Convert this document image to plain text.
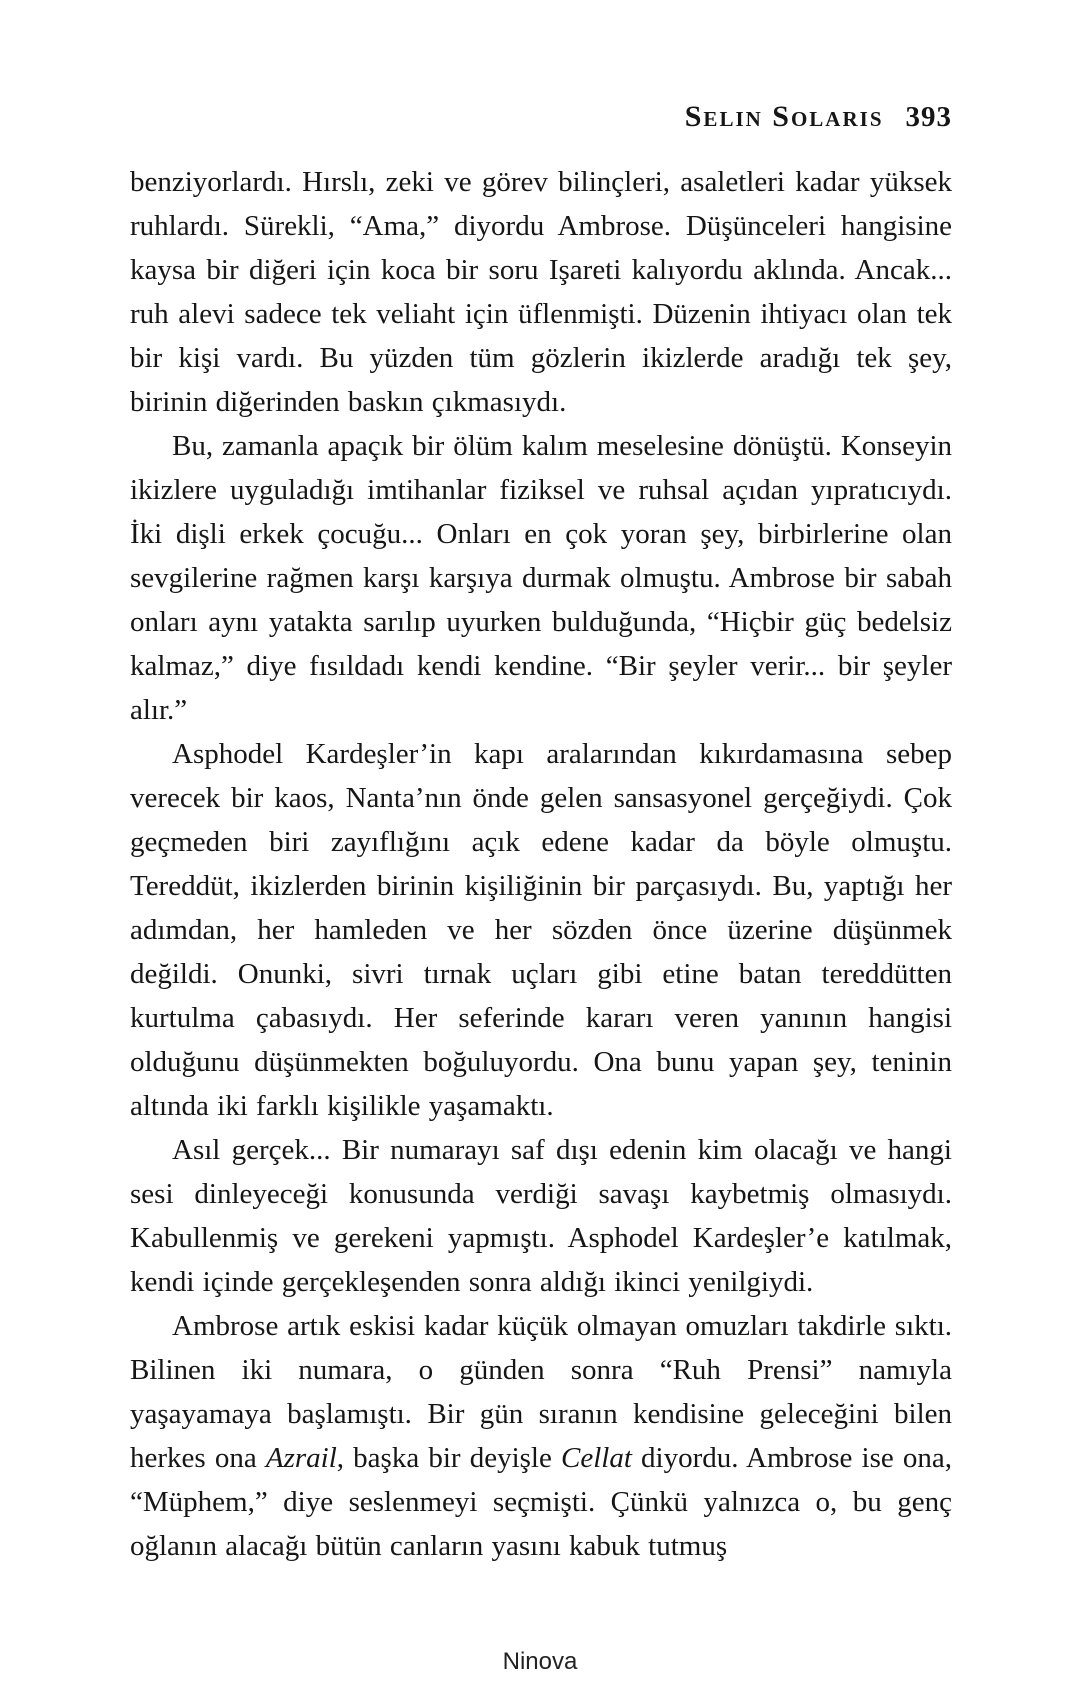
Selin Solaris 393

benziyorlardı. Hırslı, zeki ve görev bilinçleri, asaletleri kadar yüksek ruhlardı. Sürekli, “Ama,” diyordu Ambrose. Düşünceleri hangisine kaysa bir diğeri için koca bir soru Işareti kalıyordu aklında. Ancak... ruh alevi sadece tek veliaht için üflenmişti. Düzenin ihtiyacı olan tek bir kişi vardı. Bu yüzden tüm gözlerin ikizlerde aradığı tek şey, birinin diğerinden baskın çıkmasıydı.

Bu, zamanla apaçık bir ölüm kalım meselesine dönüştü. Konseyin ikizlere uyguladığı imtihanlar fiziksel ve ruhsal açıdan yıpratıcıydı. İki dişli erkek çocuğu... Onları en çok yoran şey, birbirlerine olan sevgilerine rağmen karşı karşıya durmak olmuştu. Ambrose bir sabah onları aynı yatakta sarılıp uyurken bulduğunda, “Hiçbir güç bedelsiz kalmaz,” diye fısıldadı kendi kendine. “Bir şeyler verir... bir şeyler alır.”

Asphodel Kardeşler’in kapı aralarından kıkırdamasına sebep verecek bir kaos, Nanta’nın önde gelen sansasyonel gerçeğiydi. Çok geçmeden biri zayıflığını açık edene kadar da böyle olmuştu. Tereddüt, ikizlerden birinin kişiliğinin bir parçasıydı. Bu, yaptığı her adımdan, her hamleden ve her sözden önce üzerine düşünmek değildi. Onunki, sivri tırnak uçları gibi etine batan tereddütten kurtulma çabasıydı. Her seferinde kararı veren yanının hangisi olduğunu düşünmekten boğuluyordu. Ona bunu yapan şey, teninin altında iki farklı kişilikle yaşamaktı.

Asıl gerçek... Bir numarayı saf dışı edenin kim olacağı ve hangi sesi dinleyeceği konusunda verdiği savaşı kaybetmiş olmasıydı. Kabullenmiş ve gerekeni yapmıştı. Asphodel Kardeşler’e katılmak, kendi içinde gerçekleşenden sonra aldığı ikinci yenilgiydi.

Ambrose artık eskisi kadar küçük olmayan omuzları takdirle sıktı. Bilinen iki numara, o günden sonra “Ruh Prensi” namıyla yaşayamaya başlamıştı. Bir gün sıranın kendisine geleceğini bilen herkes ona Azrail, başka bir deyişle Cellat diyordu. Ambrose ise ona, “Müphem,” diye seslenmeyi seçmişti. Çünkü yalnızca o, bu genç oğlanın alacağı bütün canların yasını kabuk tutmuş

Ninova
